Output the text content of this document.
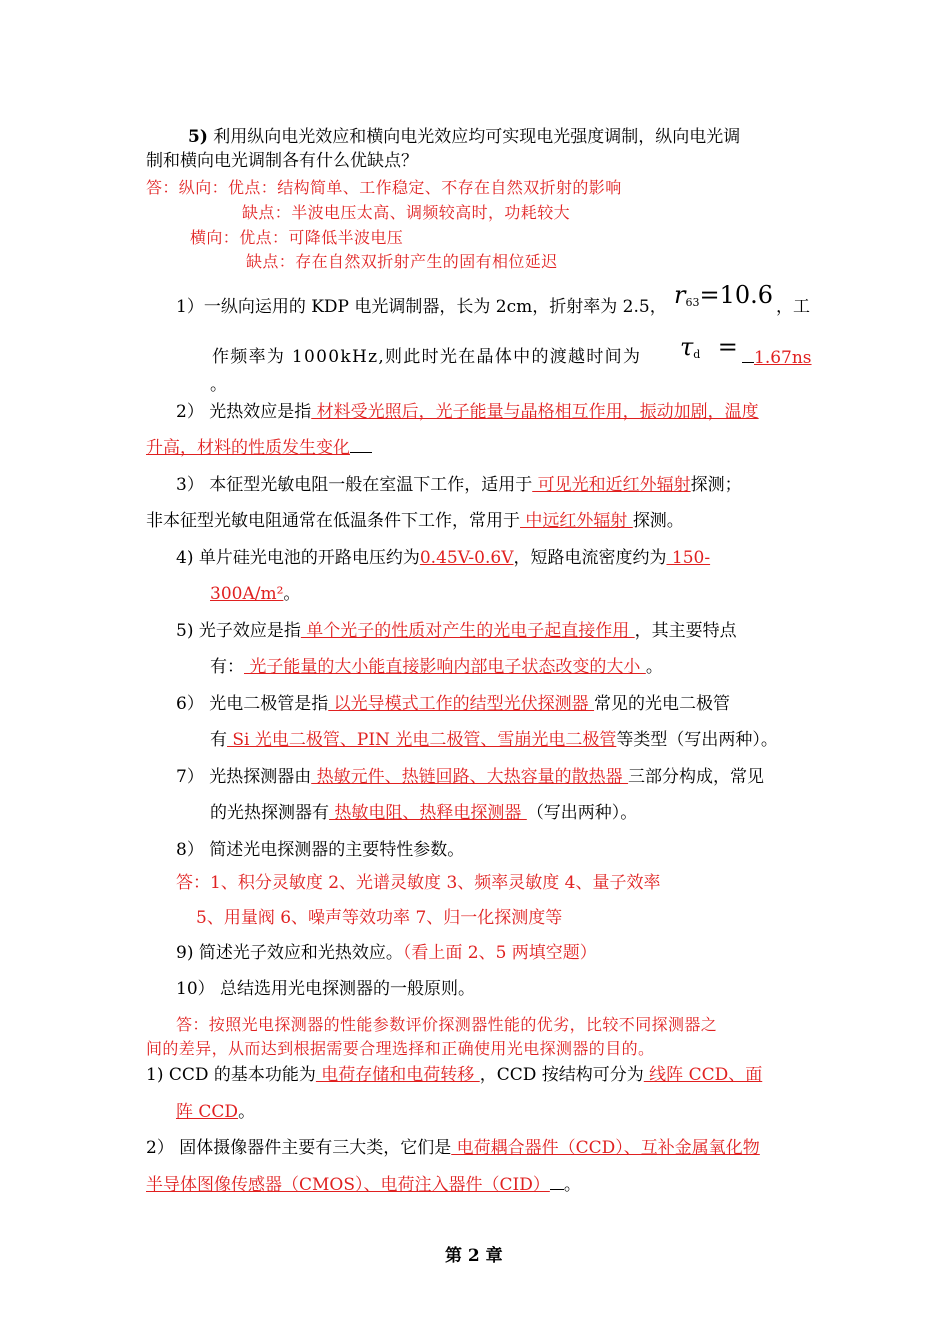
5) 利用纵向电光效应和横向电光效应均可实现电光强度调制，纵向电光调
制和横向电光调制各有什么优缺点？
答：纵向：优点：结构简单、工作稳定、不存在自然双折射的影响
缺点：半波电压太高、调频较高时，功耗较大
横向：优点：可降低半波电压
缺点：存在自然双折射产生的固有相位延迟
1）一纵向运用的 KDP 电光调制器，长为 2cm，折射率为 2.5， $r_{63}=10.6$ ，工
作频率为 1000kHz,则此时光在晶体中的渡越时间为 $\tau_d = 1.67ns$
。
2） 光热效应是指 材料受光照后，光子能量与晶格相互作用，振动加剧，温度
升高，材料的性质发生变化
3） 本征型光敏电阻一般在室温下工作，适用于 可见光和近红外辐射探测；
非本征型光敏电阻通常在低温条件下工作，常用于 中远红外辐射 探测。
4) 单片硅光电池的开路电压约为0.45V-0.6V，短路电流密度约为 150-
300A/m²。
5) 光子效应是指 单个光子的性质对产生的光电子起直接作用 ，其主要特点
有： 光子能量的大小能直接影响内部电子状态改变的大小 。
6） 光电二极管是指 以光导模式工作的结型光伏探测器 常见的光电二极管
有 Si 光电二极管、PIN 光电二极管、雪崩光电二极管等类型（写出两种）。
7） 光热探测器由 热敏元件、热链回路、大热容量的散热器 三部分构成，常见
的光热探测器有 热敏电阻、热释电探测器 （写出两种）。
8） 简述光电探测器的主要特性参数。
答：1、积分灵敏度 2、光谱灵敏度 3、频率灵敏度 4、量子效率
5、用量阀 6、噪声等效功率 7、归一化探测度等
9) 简述光子效应和光热效应。（看上面 2、5 两填空题）
10） 总结选用光电探测器的一般原则。
答：按照光电探测器的性能参数评价探测器性能的优劣，比较不同探测器之
间的差异，从而达到根据需要合理选择和正确使用光电探测器的目的。
1) CCD 的基本功能为 电荷存储和电荷转移 ，CCD 按结构可分为 线阵 CCD、面
阵 CCD。
2） 固体摄像器件主要有三大类，它们是 电荷耦合器件（CCD）、互补金属氧化物
半导体图像传感器（CMOS）、电荷注入器件（CID） 。
第 2 章
